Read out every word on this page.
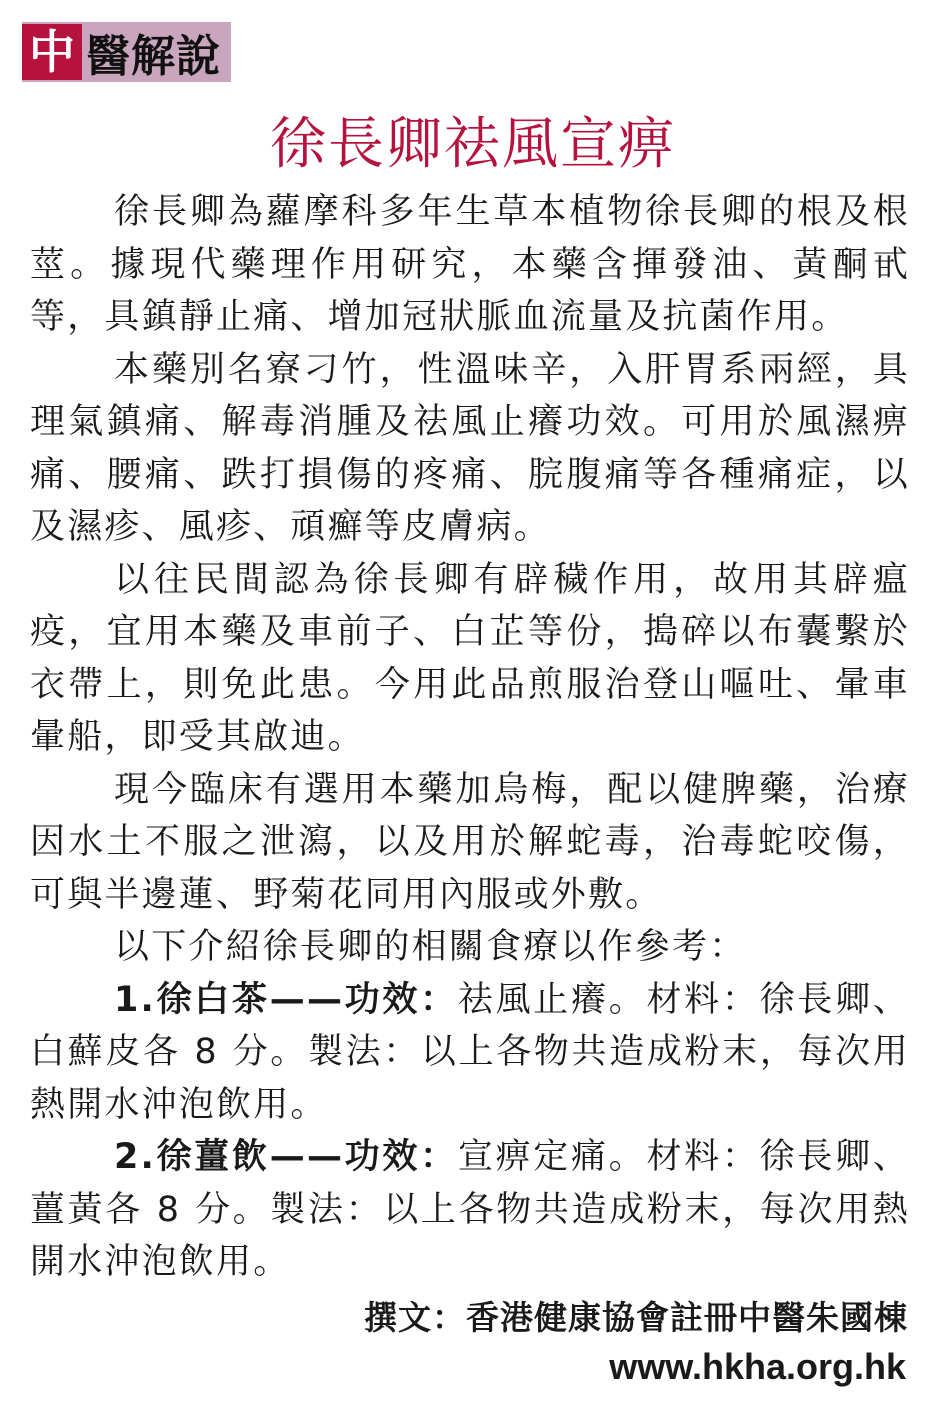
中 醫解說
徐長卿祛風宣痹

徐長卿為蘿摩科多年生草本植物徐長卿的根及根莖。據現代藥理作用研究，本藥含揮發油、黃酮甙等，具鎮靜止痛、增加冠狀脈血流量及抗菌作用。

本藥別名寮刁竹，性溫味辛，入肝胃系兩經，具理氣鎮痛、解毒消腫及祛風止癢功效。可用於風濕痹痛、腰痛、跌打損傷的疼痛、脘腹痛等各種痛症，以及濕疹、風疹、頑癬等皮膚病。

以往民間認為徐長卿有辟穢作用，故用其辟瘟疫，宜用本藥及車前子、白芷等份，搗碎以布囊繫於衣帶上，則免此患。今用此品煎服治登山嘔吐、暈車暈船，即受其啟迪。

現今臨床有選用本藥加烏梅，配以健脾藥，治療因水土不服之泄瀉，以及用於解蛇毒，治毒蛇咬傷，可與半邊蓮、野菊花同用內服或外敷。

以下介紹徐長卿的相關食療以作參考：

1.徐白茶——功效：祛風止癢。材料：徐長卿、白蘚皮各 8 分。製法：以上各物共造成粉末，每次用熱開水沖泡飲用。
2.徐薑飲——功效：宣痹定痛。材料：徐長卿、薑黃各 8 分。製法：以上各物共造成粉末，每次用熱開水沖泡飲用。
撰文：香港健康協會註冊中醫朱國棟
www.hkha.org.hk
